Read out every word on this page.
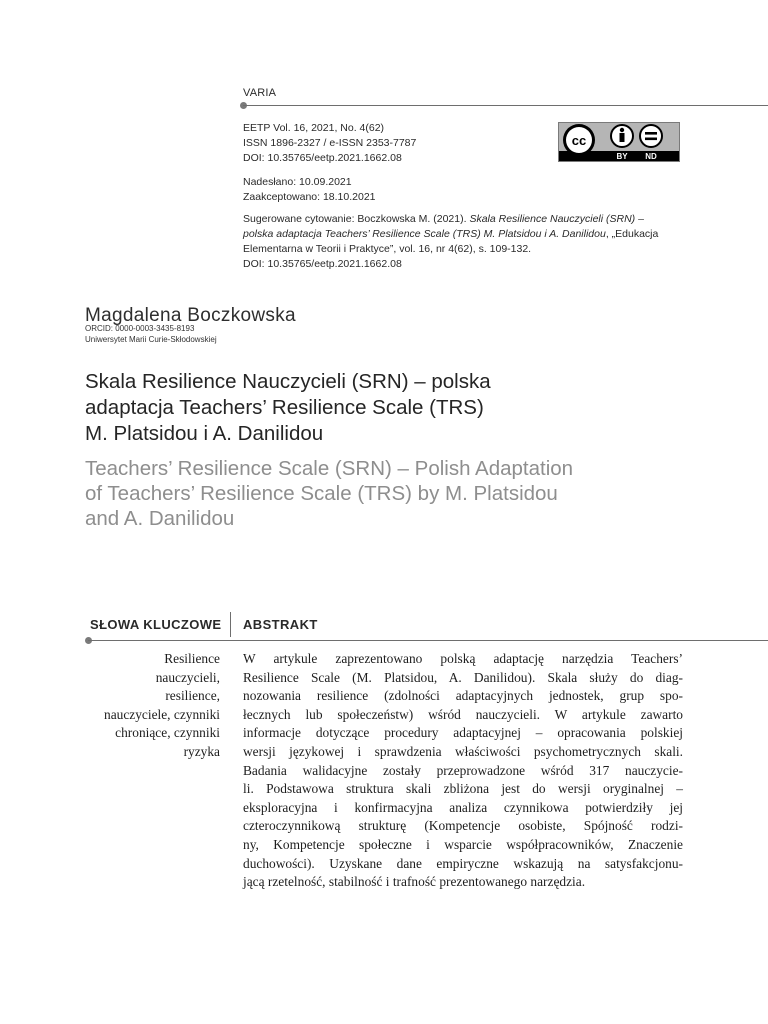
VARIA
EETP Vol. 16, 2021, No. 4(62)
ISSN 1896-2327 / e-ISSN 2353-7787
DOI: 10.35765/eetp.2021.1662.08
cc
BY ND
Nadesłano: 10.09.2021
Zaakceptowano: 18.10.2021
Sugerowane cytowanie: Boczkowska M. (2021). Skala Resilience Nauczycieli (SRN) –
polska adaptacja Teachers’ Resilience Scale (TRS) M. Platsidou i A. Danilidou, „Edukacja
Elementarna w Teorii i Praktyce”, vol. 16, nr 4(62), s. 109-132.
DOI: 10.35765/eetp.2021.1662.08
Magdalena Boczkowska
ORCID: 0000-0003-3435-8193
Uniwersytet Marii Curie-Skłodowskiej
Skala Resilience Nauczycieli (SRN) – polska
adaptacja Teachers’ Resilience Scale (TRS)
M. Platsidou i A. Danilidou
Teachers’ Resilience Scale (SRN) – Polish Adaptation
of Teachers’ Resilience Scale (TRS) by M. Platsidou
and A. Danilidou
SŁOWA KLUCZOWE ABSTRAKT
Resilience
nauczycieli,
resilience,
nauczyciele, czynniki
chroniące, czynniki
ryzyka
W artykule zaprezentowano polską adaptację narzędzia Teachers’
Resilience Scale (M. Platsidou, A. Danilidou). Skala służy do diag-
nozowania resilience (zdolności adaptacyjnych jednostek, grup spo-
łecznych lub społeczeństw) wśród nauczycieli. W artykule zawarto
informacje dotyczące procedury adaptacyjnej – opracowania polskiej
wersji językowej i sprawdzenia właściwości psychometrycznych skali.
Badania walidacyjne zostały przeprowadzone wśród 317 nauczycie-
li. Podstawowa struktura skali zbliżona jest do wersji oryginalnej –
eksploracyjna i konfirmacyjna analiza czynnikowa potwierdziły jej
czteroczynnikową strukturę (Kompetencje osobiste, Spójność rodzi-
ny, Kompetencje społeczne i wsparcie współpracowników, Znaczenie
duchowości). Uzyskane dane empiryczne wskazują na satysfakcjonu-
jącą rzetelność, stabilność i trafność prezentowanego narzędzia.
